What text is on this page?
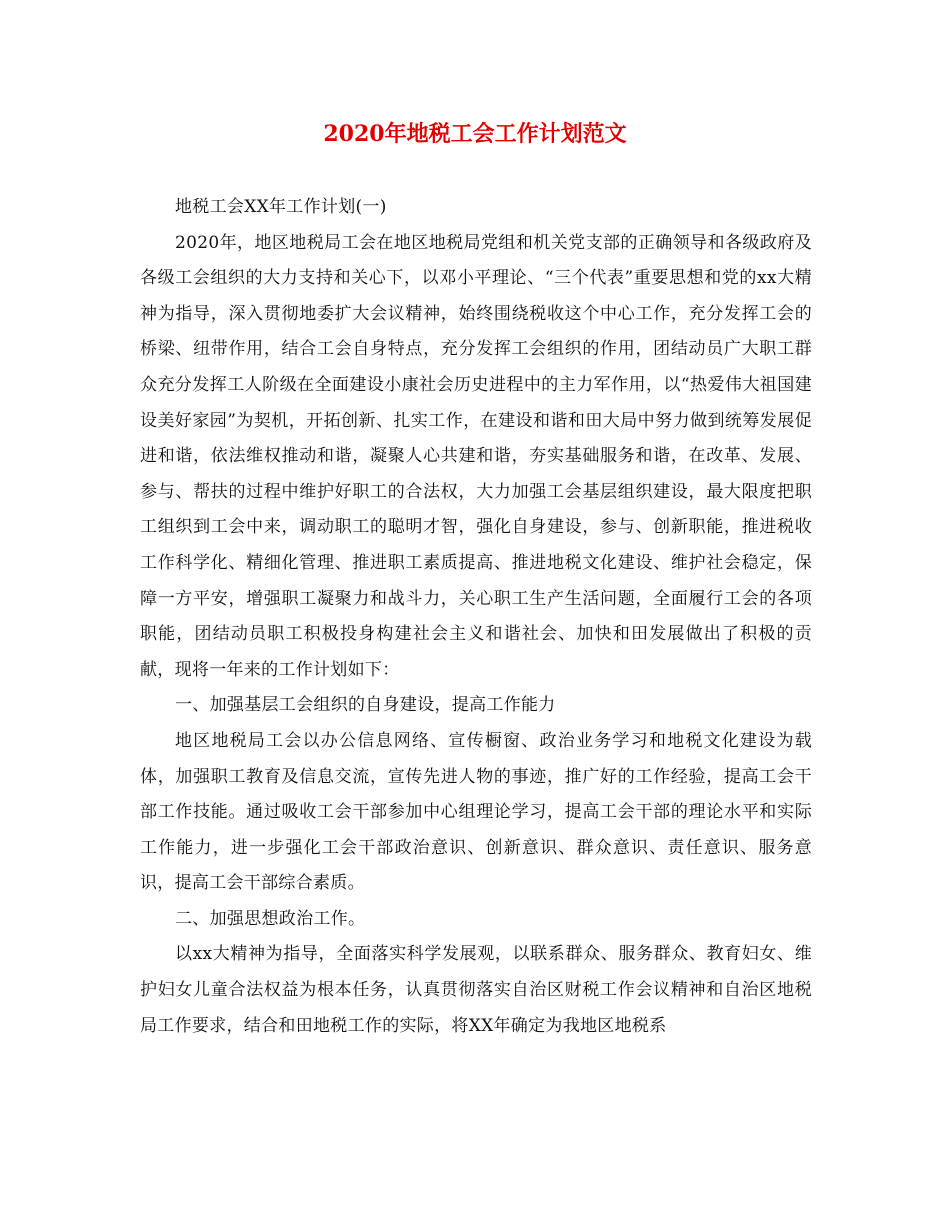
2020年地税工会工作计划范文

地税工会XX年工作计划(一)

2020年，地区地税局工会在地区地税局党组和机关党支部的正确领导和各级政府及各级工会组织的大力支持和关心下，以邓小平理论、“三个代表”重要思想和党的xx大精神为指导，深入贯彻地委扩大会议精神，始终围绕税收这个中心工作，充分发挥工会的桥梁、纽带作用，结合工会自身特点，充分发挥工会组织的作用，团结动员广大职工群众充分发挥工人阶级在全面建设小康社会历史进程中的主力军作用，以“热爱伟大祖国建设美好家园”为契机，开拓创新、扎实工作，在建设和谐和田大局中努力做到统筹发展促进和谐，依法维权推动和谐，凝聚人心共建和谐，夯实基础服务和谐，在改革、发展、参与、帮扶的过程中维护好职工的合法权，大力加强工会基层组织建设，最大限度把职工组织到工会中来，调动职工的聪明才智，强化自身建设，参与、创新职能，推进税收工作科学化、精细化管理、推进职工素质提高、推进地税文化建设、维护社会稳定，保障一方平安，增强职工凝聚力和战斗力，关心职工生产生活问题，全面履行工会的各项职能，团结动员职工积极投身构建社会主义和谐社会、加快和田发展做出了积极的贡献，现将一年来的工作计划如下：

一、加强基层工会组织的自身建设，提高工作能力

地区地税局工会以办公信息网络、宣传橱窗、政治业务学习和地税文化建设为载体，加强职工教育及信息交流，宣传先进人物的事迹，推广好的工作经验，提高工会干部工作技能。通过吸收工会干部参加中心组理论学习，提高工会干部的理论水平和实际工作能力，进一步强化工会干部政治意识、创新意识、群众意识、责任意识、服务意识，提高工会干部综合素质。

二、加强思想政治工作。

以xx大精神为指导，全面落实科学发展观，以联系群众、服务群众、教育妇女、维护妇女儿童合法权益为根本任务，认真贯彻落实自治区财税工作会议精神和自治区地税局工作要求，结合和田地税工作的实际，将XX年确定为我地区地税系
